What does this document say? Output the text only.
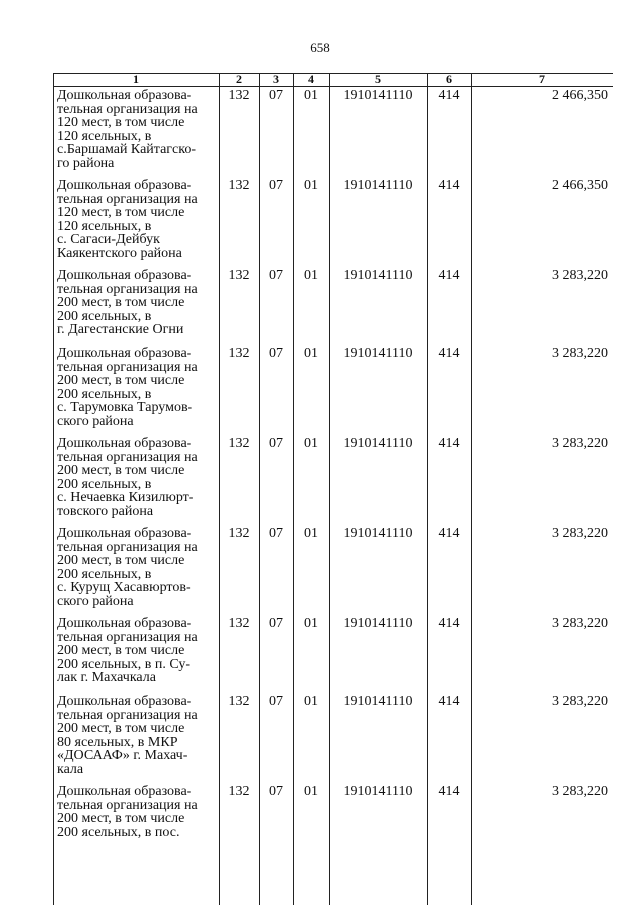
658
1	2	3	4	5	6	7
Дошкольная образова-
тельная организация на
120 мест, в том числе
120 ясельных, в
с.Баршамай Кайтагско-
го района
132	07	01	1910141110	414	2 466,350
Дошкольная образова-
тельная организация на
120 мест, в том числе
120 ясельных, в
с. Сагаси-Дейбук
Каякентского района
132	07	01	1910141110	414	2 466,350
Дошкольная образова-
тельная организация на
200 мест, в том числе
200 ясельных, в
г. Дагестанские Огни
132	07	01	1910141110	414	3 283,220
Дошкольная образова-
тельная организация на
200 мест, в том числе
200 ясельных, в
с. Тарумовка Тарумов-
ского района
132	07	01	1910141110	414	3 283,220
Дошкольная образова-
тельная организация на
200 мест, в том числе
200 ясельных, в
с. Нечаевка Кизилюрт-
товского района
132	07	01	1910141110	414	3 283,220
Дошкольная образова-
тельная организация на
200 мест, в том числе
200 ясельных, в
с. Курущ Хасавюртов-
ского района
132	07	01	1910141110	414	3 283,220
Дошкольная образова-
тельная организация на
200 мест, в том числе
200 ясельных, в п. Су-
лак г. Махачкала
132	07	01	1910141110	414	3 283,220
Дошкольная образова-
тельная организация на
200 мест, в том числе
80 ясельных, в МКР
«ДОСААФ» г. Махач-
кала
132	07	01	1910141110	414	3 283,220
Дошкольная образова-
тельная организация на
200 мест, в том числе
200 ясельных, в пос.
132	07	01	1910141110	414	3 283,220
